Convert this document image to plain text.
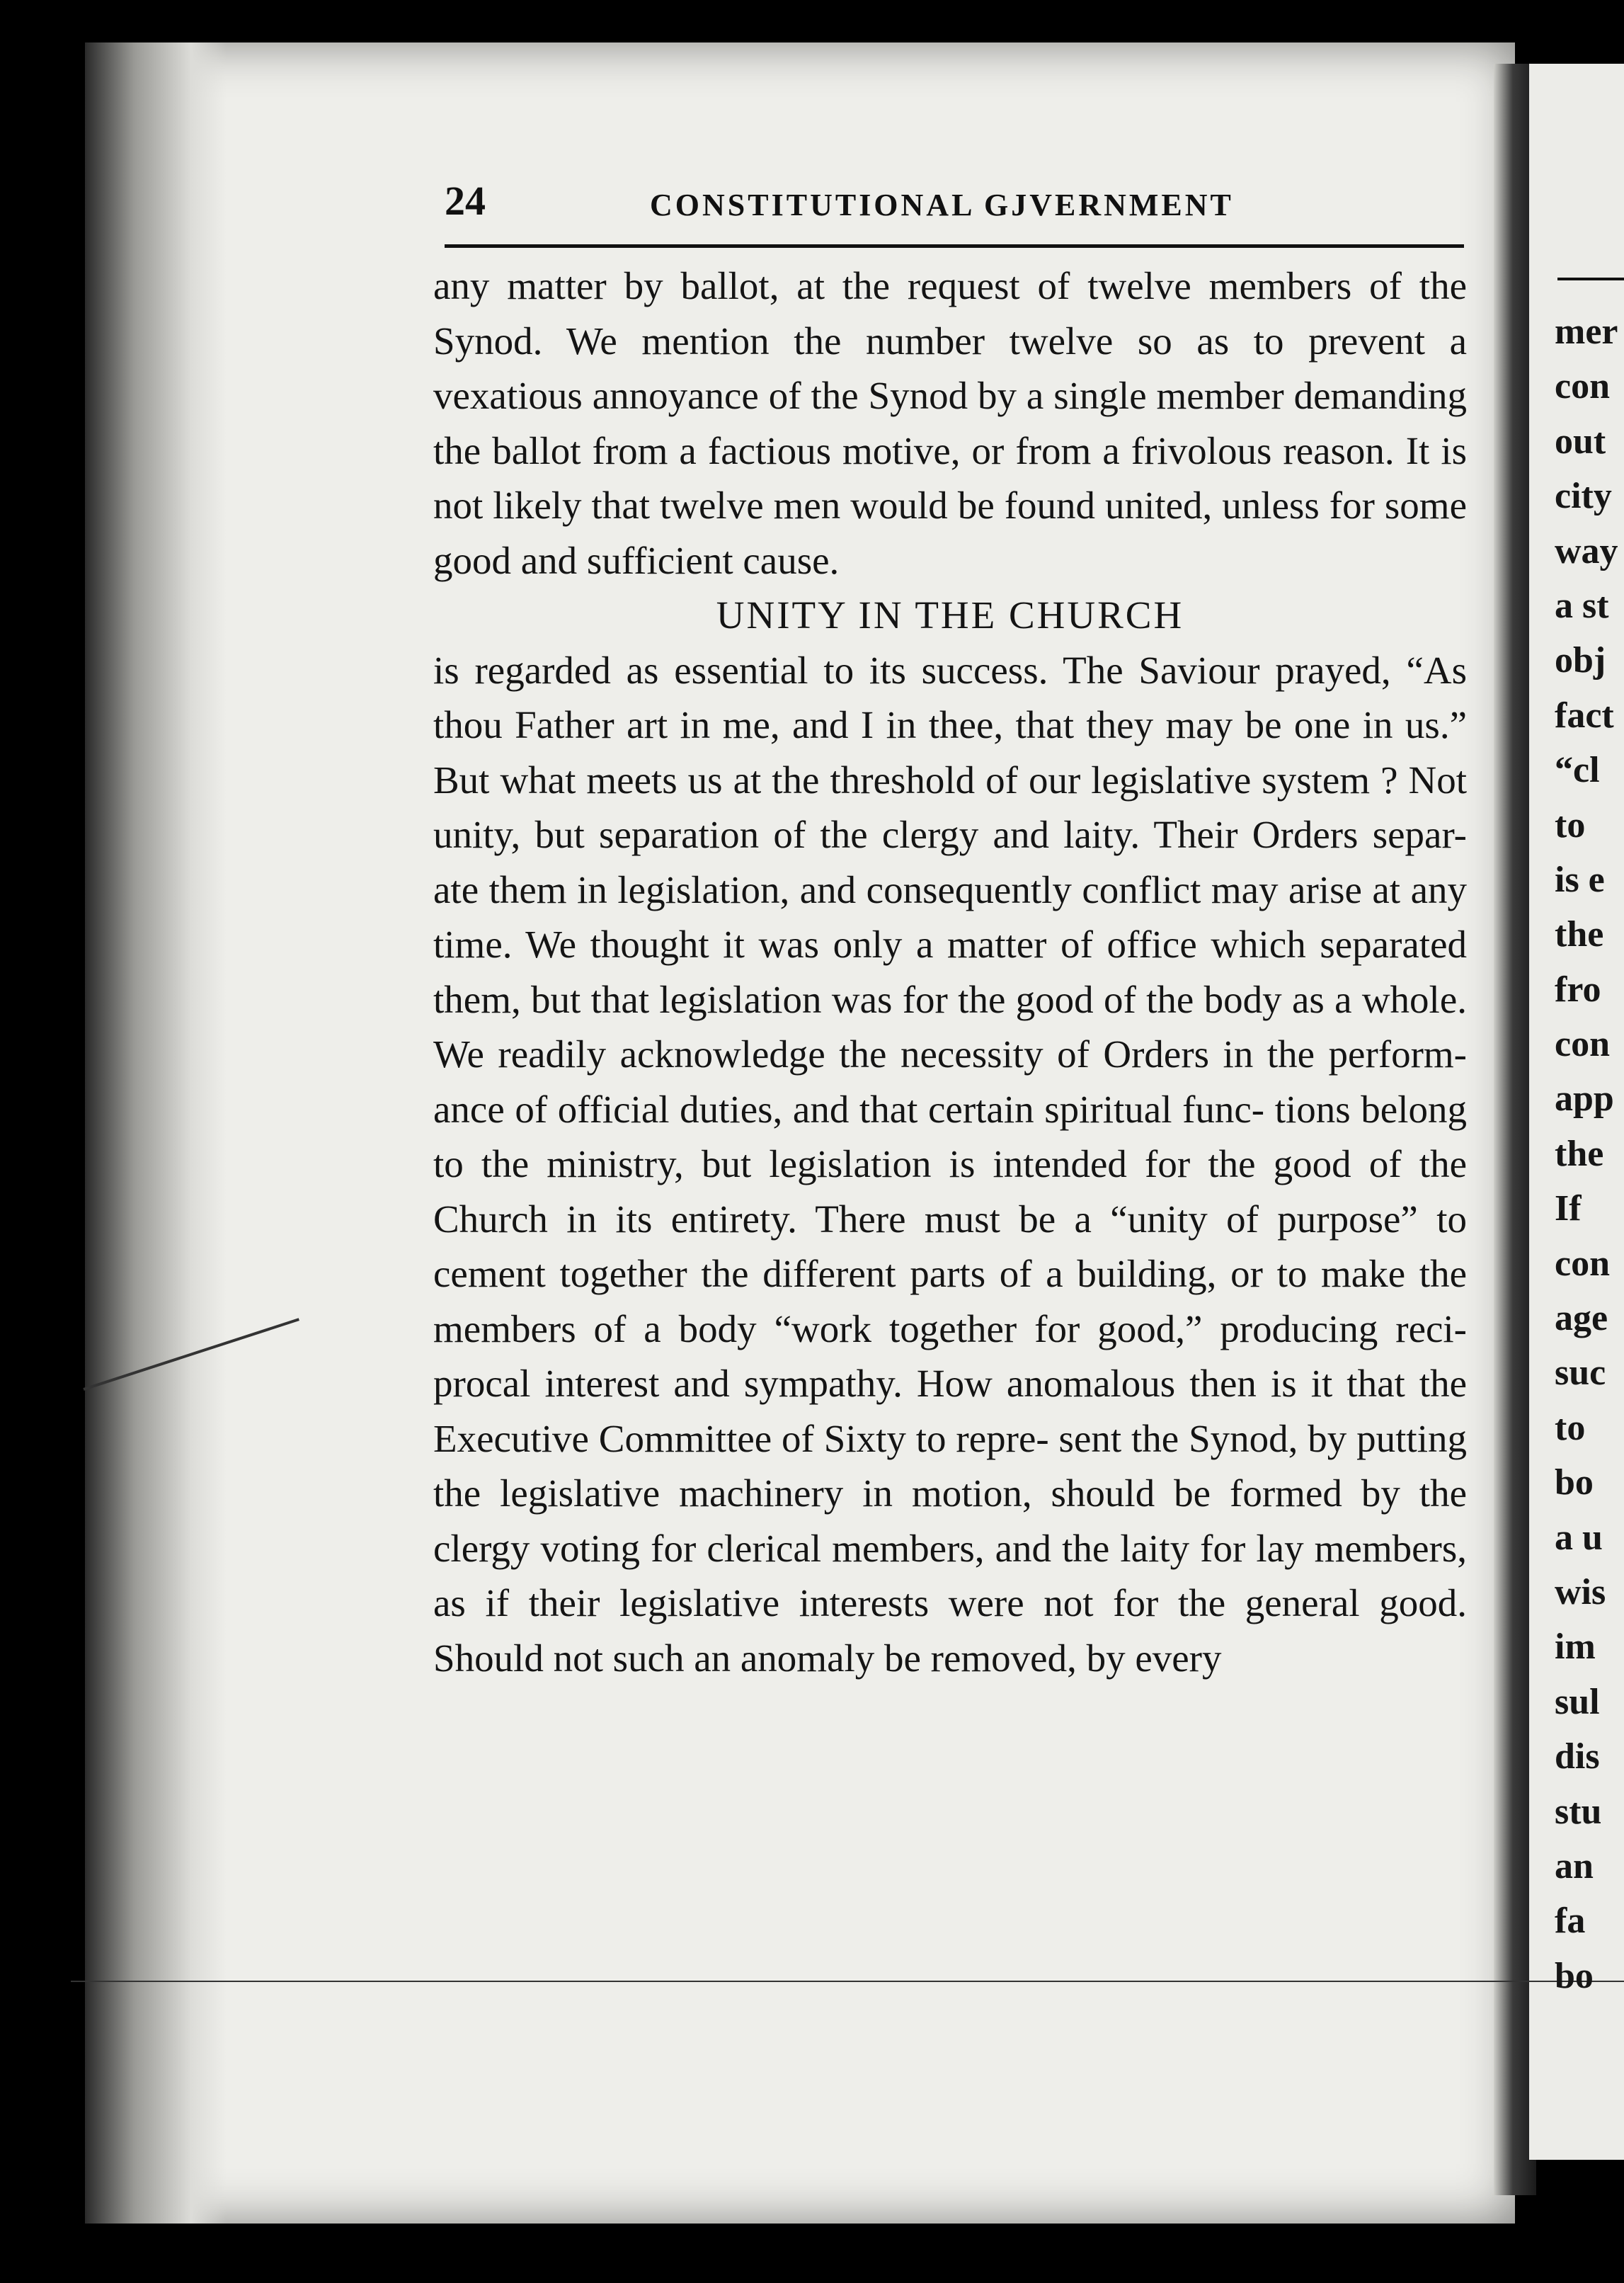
24	CONSTITUTIONAL GJVERNMENT

any matter by ballot, at the request of twelve members of the Synod. We mention the number twelve so as to prevent a vexatious annoyance of the Synod by a single member demanding the ballot from a factious motive, or from a frivolous reason. It is not likely that twelve men would be found united, unless for some good and sufficient cause.

UNITY IN THE CHURCH

is regarded as essential to its success. The Saviour prayed, “As thou Father art in me, and I in thee, that they may be one in us.” But what meets us at the threshold of our legislative system ? Not unity, but separation of the clergy and laity. Their Orders separ- ate them in legislation, and consequently conflict may arise at any time. We thought it was only a matter of office which separated them, but that legislation was for the good of the body as a whole. We readily acknowledge the necessity of Orders in the perform- ance of official duties, and that certain spiritual func- tions belong to the ministry, but legislation is intended for the good of the Church in its entirety. There must be a “unity of purpose” to cement together the different parts of a building, or to make the members of a body “work together for good,” producing reci- procal interest and sympathy. How anomalous then is it that the Executive Committee of Sixty to repre- sent the Synod, by putting the legislative machinery in motion, should be formed by the clergy voting for clerical members, and the laity for lay members, as if their legislative interests were not for the general good. Should not such an anomaly be removed, by every

mer
con
out
city
way
a st
obj
fact
“cl
to
is e
the
fro
con
app
the
If
con
age
suc
to
bo
a u
wis
im
sul
dis
stu
an
fa
bo
